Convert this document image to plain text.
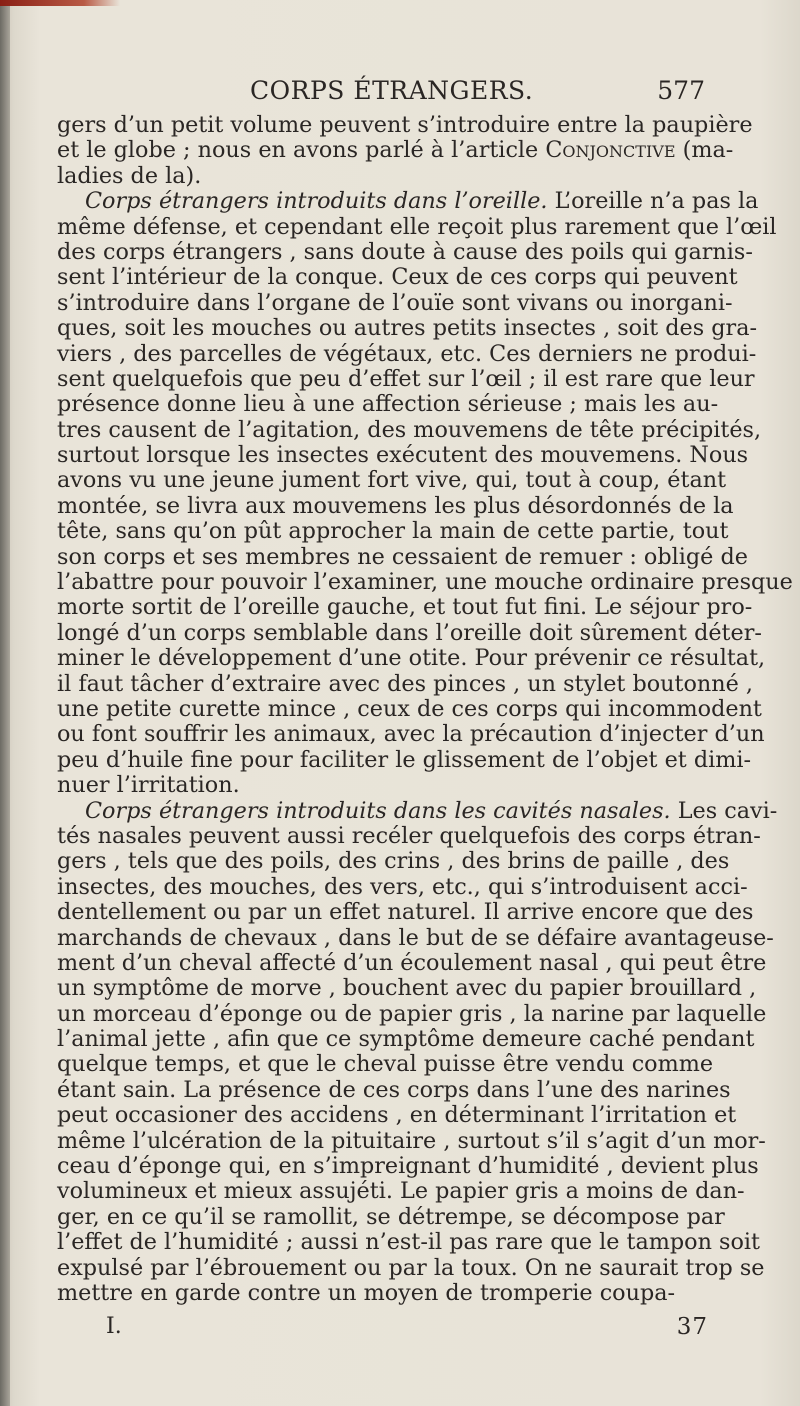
CORPS ÉTRANGERS.	577
gers d’un petit volume peuvent s’introduire entre la paupière
et le globe ; nous en avons parlé à l’article Conjonctive (ma-
ladies de la).
Corps étrangers introduits dans l’oreille. L’oreille n’a pas la
même défense, et cependant elle reçoit plus rarement que l’œil
des corps étrangers , sans doute à cause des poils qui garnis-
sent l’intérieur de la conque. Ceux de ces corps qui peuvent
s’introduire dans l’organe de l’ouïe sont vivans ou inorgani-
ques, soit les mouches ou autres petits insectes , soit des gra-
viers , des parcelles de végétaux, etc. Ces derniers ne produi-
sent quelquefois que peu d’effet sur l’œil ; il est rare que leur
présence donne lieu à une affection sérieuse ; mais les au-
tres causent de l’agitation, des mouvemens de tête précipités,
surtout lorsque les insectes exécutent des mouvemens. Nous
avons vu une jeune jument fort vive, qui, tout à coup, étant
montée, se livra aux mouvemens les plus désordonnés de la
tête, sans qu’on pût approcher la main de cette partie, tout
son corps et ses membres ne cessaient de remuer : obligé de
l’abattre pour pouvoir l’examiner, une mouche ordinaire presque
morte sortit de l’oreille gauche, et tout fut fini. Le séjour pro-
longé d’un corps semblable dans l’oreille doit sûrement déter-
miner le développement d’une otite. Pour prévenir ce résultat,
il faut tâcher d’extraire avec des pinces , un stylet boutonné ,
une petite curette mince , ceux de ces corps qui incommodent
ou font souffrir les animaux, avec la précaution d’injecter d’un
peu d’huile fine pour faciliter le glissement de l’objet et dimi-
nuer l’irritation.
Corps étrangers introduits dans les cavités nasales. Les cavi-
tés nasales peuvent aussi recéler quelquefois des corps étran-
gers , tels que des poils, des crins , des brins de paille , des
insectes, des mouches, des vers, etc., qui s’introduisent acci-
dentellement ou par un effet naturel. Il arrive encore que des
marchands de chevaux , dans le but de se défaire avantageuse-
ment d’un cheval affecté d’un écoulement nasal , qui peut être
un symptôme de morve , bouchent avec du papier brouillard ,
un morceau d’éponge ou de papier gris , la narine par laquelle
l’animal jette , afin que ce symptôme demeure caché pendant
quelque temps, et que le cheval puisse être vendu comme
étant sain. La présence de ces corps dans l’une des narines
peut occasioner des accidens , en déterminant l’irritation et
même l’ulcération de la pituitaire , surtout s’il s’agit d’un mor-
ceau d’éponge qui, en s’impreignant d’humidité , devient plus
volumineux et mieux assujéti. Le papier gris a moins de dan-
ger, en ce qu’il se ramollit, se détrempe, se décompose par
l’effet de l’humidité ; aussi n’est-il pas rare que le tampon soit
expulsé par l’ébrouement ou par la toux. On ne saurait trop se
mettre en garde contre un moyen de tromperie coupa-
I.	37
